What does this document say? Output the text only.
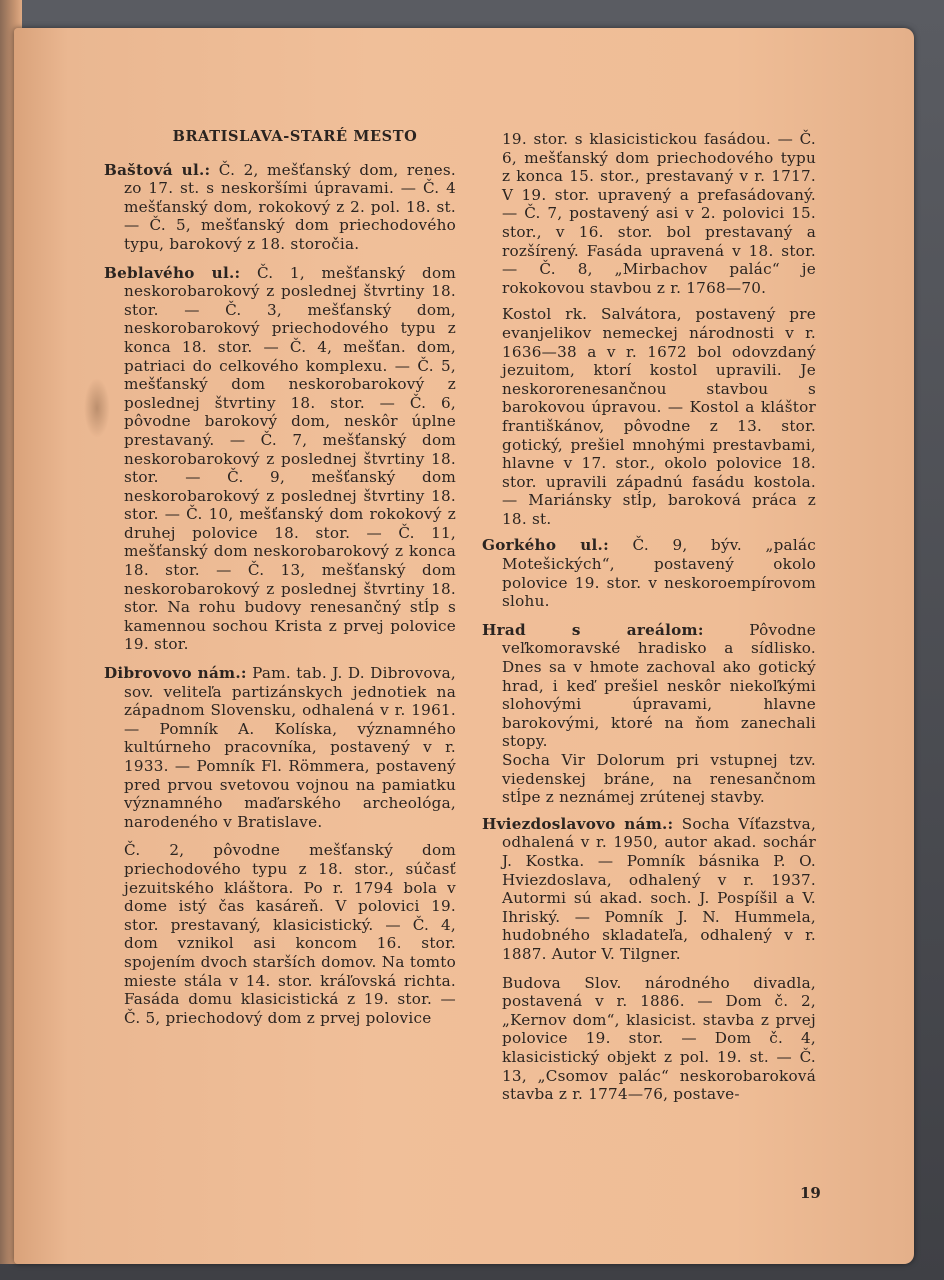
BRATISLAVA-STARÉ MESTO

Baštová ul.: Č. 2, mešťanský dom, renes. zo 17. st. s neskoršími úpravami. — Č. 4 mešťanský dom, rokokový z 2. pol. 18. st. — Č. 5, mešťanský dom priechodového typu, barokový z 18. storočia.

Beblavého ul.: Č. 1, mešťanský dom neskorobarokový z poslednej štvrtiny 18. stor. — Č. 3, mešťanský dom, neskorobarokový priechodového typu z konca 18. stor. — Č. 4, mešťan. dom, patriaci do celkového komplexu. — Č. 5, mešťanský dom neskorobarokový z poslednej štvrtiny 18. stor. — Č. 6, pôvodne barokový dom, neskôr úplne prestavaný. — Č. 7, mešťanský dom neskorobarokový z poslednej štvrtiny 18. stor. — Č. 9, mešťanský dom neskorobarokový z poslednej štvrtiny 18. stor. — Č. 10, mešťanský dom rokokový z druhej polovice 18. stor. — Č. 11, mešťanský dom neskorobarokový z konca 18. stor. — Č. 13, mešťanský dom neskorobarokový z poslednej štvrtiny 18. stor. Na rohu budovy renesančný stĺp s kamennou sochou Krista z prvej polovice 19. stor.

Dibrovovo nám.: Pam. tab. J. D. Dibrovova, sov. veliteľa partizánskych jednotiek na západnom Slovensku, odhalená v r. 1961. — Pomník A. Kolíska, významného kultúrneho pracovníka, postavený v r. 1933. — Pomník Fl. Römmera, postavený pred prvou svetovou vojnou na pamiatku významného maďarského archeológa, narodeného v Bratislave.

Č. 2, pôvodne mešťanský dom priechodového typu z 18. stor., súčasť jezuitského kláštora. Po r. 1794 bola v dome istý čas kasáreň. V polovici 19. stor. prestavaný, klasicistický. — Č. 4, dom vznikol asi koncom 16. stor. spojením dvoch starších domov. Na tomto mieste stála v 14. stor. kráľovská richta. Fasáda domu klasicistická z 19. stor. — Č. 5, priechodový dom z prvej polovice

19. stor. s klasicistickou fasádou. — Č. 6, mešťanský dom priechodového typu z konca 15. stor., prestavaný v r. 1717. V 19. stor. upravený a prefasádovaný. — Č. 7, postavený asi v 2. polovici 15. stor., v 16. stor. bol prestavaný a rozšírený. Fasáda upravená v 18. stor. — Č. 8, „Mirbachov palác“ je rokokovou stavbou z r. 1768—70.

Kostol rk. Salvátora, postavený pre evanjelikov nemeckej národnosti v r. 1636—38 a v r. 1672 bol odovzdaný jezuitom, ktorí kostol upravili. Je neskororenesančnou stavbou s barokovou úpravou. — Kostol a kláštor františkánov, pôvodne z 13. stor. gotický, prešiel mnohými prestavbami, hlavne v 17. stor., okolo polovice 18. stor. upravili západnú fasádu kostola. — Mariánsky stĺp, baroková práca z 18. st.

Gorkého ul.: Č. 9, býv. „palác Motešických“, postavený okolo polovice 19. stor. v neskoroempírovom slohu.

Hrad s areálom:	Pôvodne veľkomoravské hradisko a sídlisko. Dnes sa v hmote zachoval ako gotický hrad, i keď prešiel neskôr niekoľkými slohovými úpravami, hlavne barokovými, ktoré na ňom zanechali stopy.

Socha Vir Dolorum pri vstupnej tzv. viedenskej bráne, na renesančnom stĺpe z neznámej zrútenej stavby.

Hviezdoslavovo nám.: Socha Víťazstva, odhalená v r. 1950, autor akad. sochár J. Kostka. — Pomník básnika P. O. Hviezdoslava, odhalený v r. 1937. Autormi sú akad. soch. J. Pospíšil a V. Ihriský. — Pomník J. N. Hummela, hudobného skladateľa, odhalený v r. 1887. Autor V. Tilgner.

Budova Slov. národného divadla, postavená v r. 1886. — Dom č. 2, „Kernov dom“, klasicist. stavba z prvej polovice 19. stor. — Dom č. 4, klasicistický objekt z pol. 19. st. — Č. 13, „Csomov palác“ neskorobaroková stavba z r. 1774—76, postave-

19
